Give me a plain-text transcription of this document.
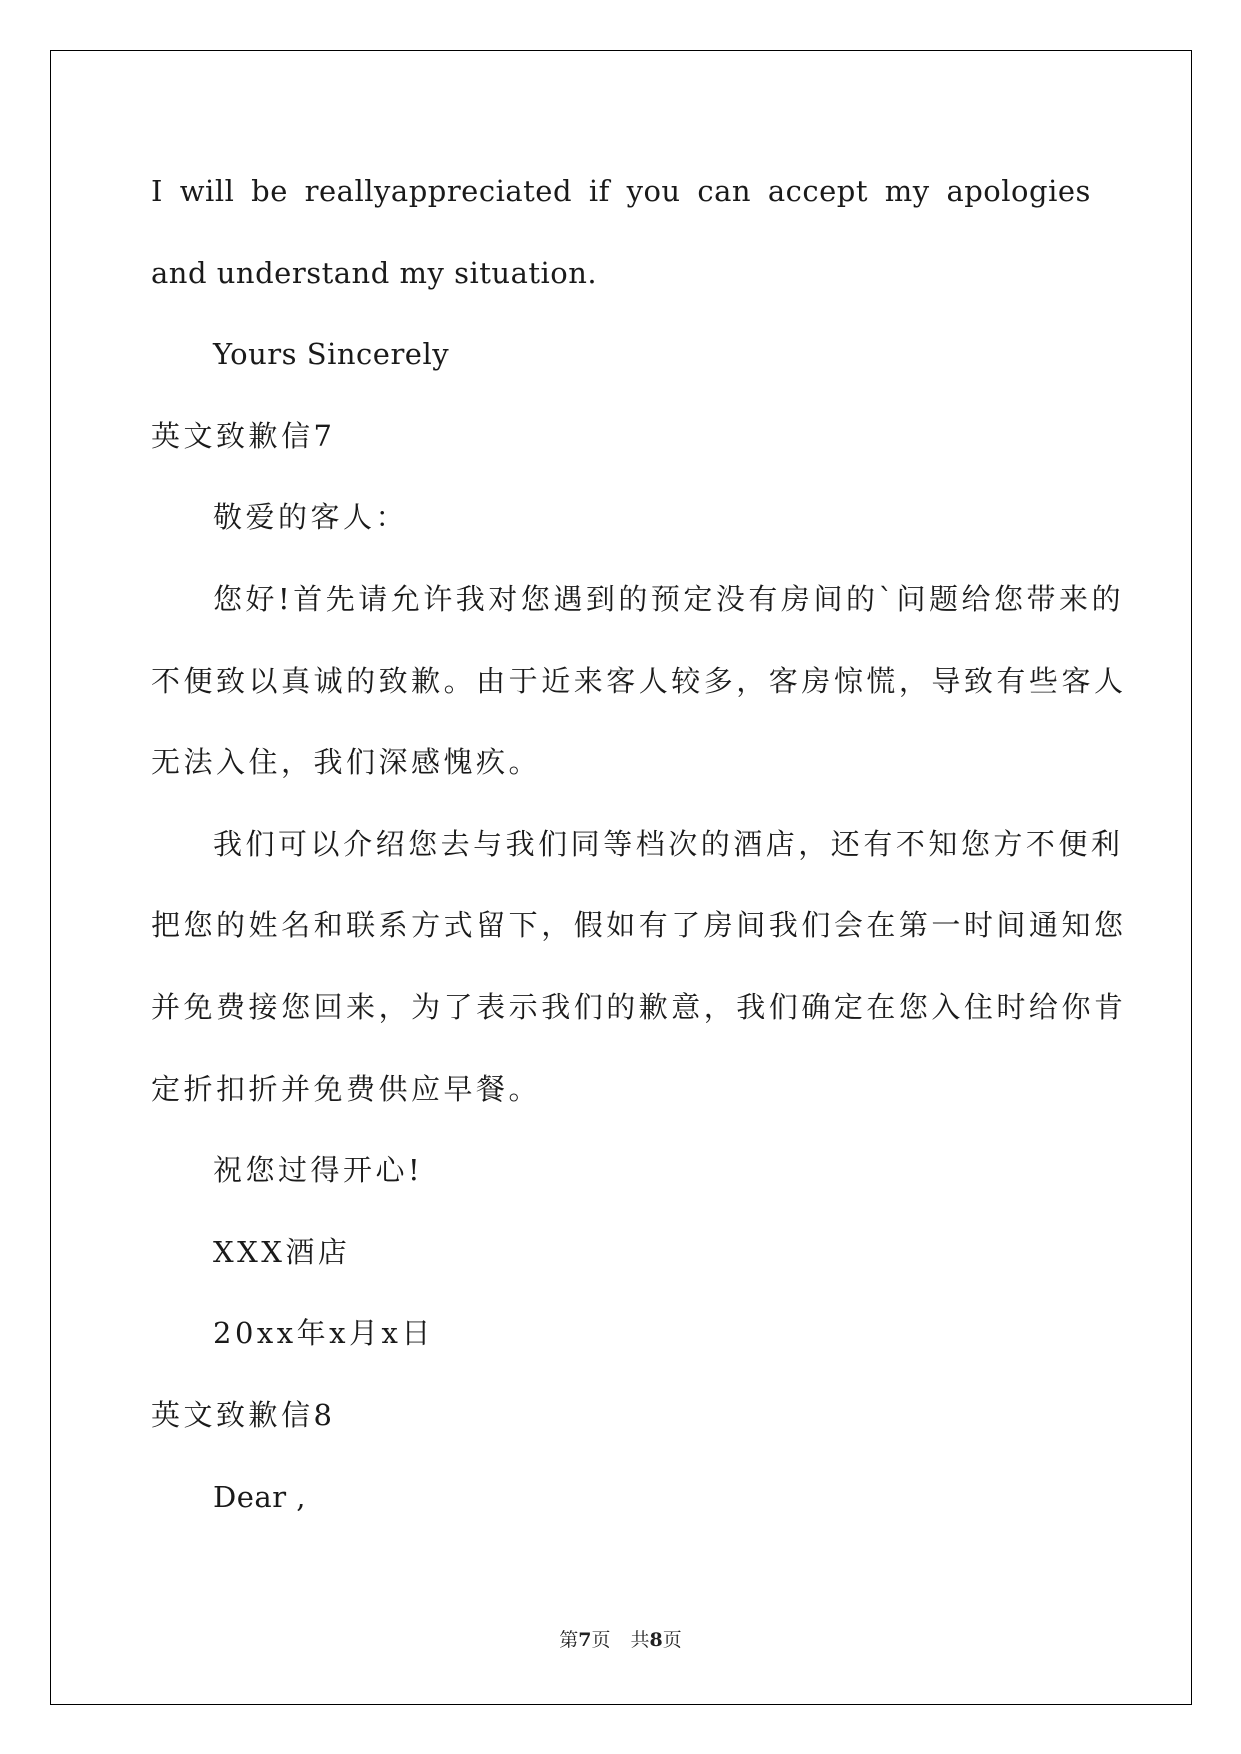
I will be reallyappreciated if you can accept my apologies
and understand my situation.
Yours Sincerely
英文致歉信7
敬爱的客人：
您 好 ! 首 先 请 允 许 我 对 您 遇 到 的 预 定 没 有 房 间 的 ` 问 题 给 您 带 来 的
不 便 致 以 真 诚 的 致 歉 。 由 于 近 来 客 人 较 多 ， 客 房 惊 慌 ， 导 致 有 些 客 人
无法入住，我们深感愧疚。
我 们 可 以 介 绍 您 去 与 我 们 同 等 档 次 的 酒 店 ， 还 有 不 知 您 方 不 便 利
把 您 的 姓 名 和 联 系 方 式 留 下 ， 假 如 有 了 房 间 我 们 会 在 第 一 时 间 通 知 您
并 免 费 接 您 回 来 ， 为 了 表 示 我 们 的 歉 意 ， 我 们 确 定 在 您 入 住 时 给 你 肯
定折扣折并免费供应早餐。
祝您过得开心!
XXX酒店
20xx年x月x日
英文致歉信8
Dear ,
第7页 共8页
